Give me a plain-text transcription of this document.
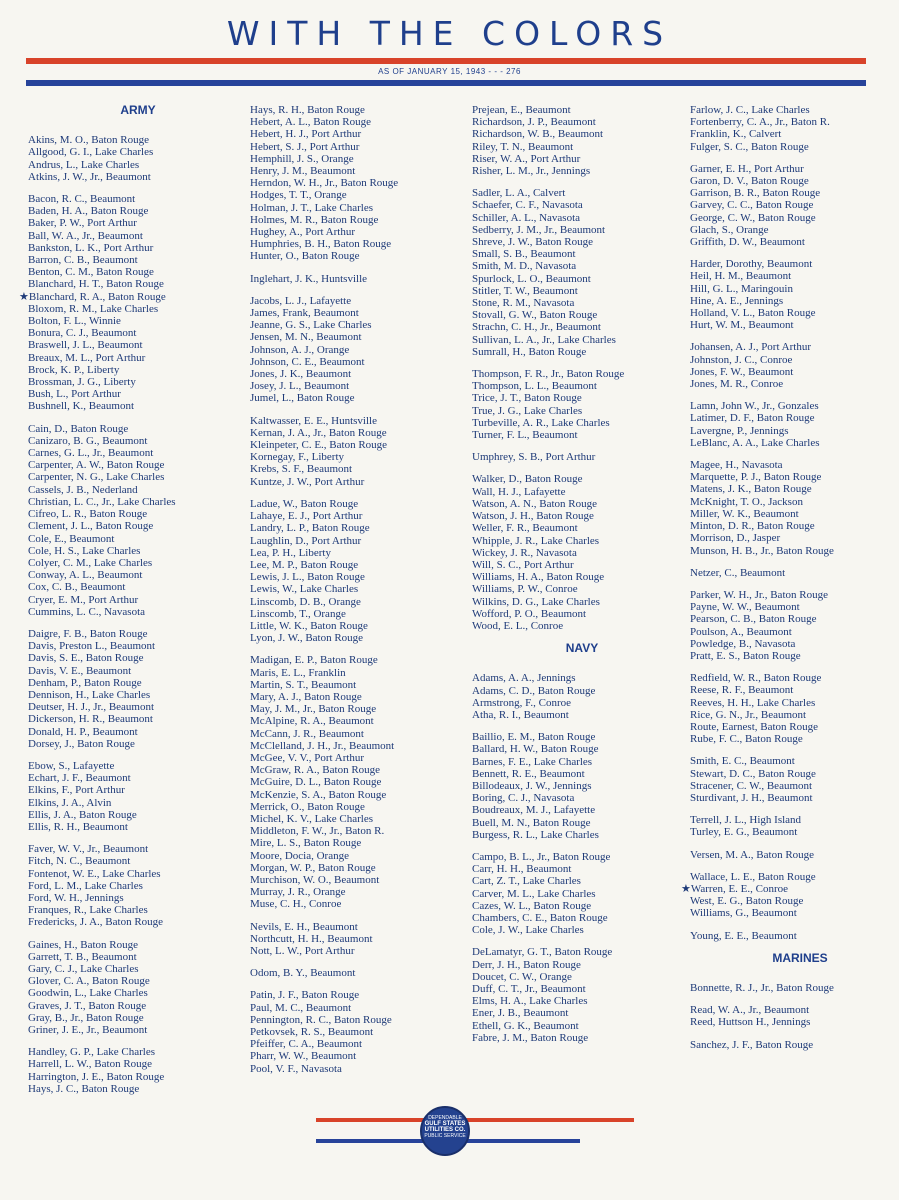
WITH THE COLORS
AS OF JANUARY 15, 1943 - - - 276
ARMY
Akins, M. O., Baton Rouge
Allgood, G. I., Lake Charles
Andrus, L., Lake Charles
Atkins, J. W., Jr., Beaumont
Bacon, R. C., Beaumont
Baden, H. A., Baton Rouge
Baker, P. W., Port Arthur
Ball, W. A., Jr., Beaumont
Bankston, L. K., Port Arthur
Barron, C. B., Beaumont
Benton, C. M., Baton Rouge
Blanchard, H. T., Baton Rouge
★Blanchard, R. A., Baton Rouge
Bloxom, R. M., Lake Charles
Bolton, F. L., Winnie
Bonura, C. J., Beaumont
Braswell, J. L., Beaumont
Breaux, M. L., Port Arthur
Brock, K. P., Liberty
Brossman, J. G., Liberty
Bush, L., Port Arthur
Bushnell, K., Beaumont
Cain, D., Baton Rouge
Canizaro, B. G., Beaumont
Carnes, G. L., Jr., Beaumont
Carpenter, A. W., Baton Rouge
Carpenter, N. G., Lake Charles
Cassels, J. B., Nederland
Christian, L. C., Jr., Lake Charles
Cifreo, L. R., Baton Rouge
Clement, J. L., Baton Rouge
Cole, E., Beaumont
Cole, H. S., Lake Charles
Colyer, C. M., Lake Charles
Conway, A. L., Beaumont
Cox, C. B., Beaumont
Cryer, E. M., Port Arthur
Cummins, L. C., Navasota
Daigre, F. B., Baton Rouge
Davis, Preston L., Beaumont
Davis, S. E., Baton Rouge
Davis, V. E., Beaumont
Denham, P., Baton Rouge
Dennison, H., Lake Charles
Deutser, H. J., Jr., Beaumont
Dickerson, H. R., Beaumont
Donald, H. P., Beaumont
Dorsey, J., Baton Rouge
Ebow, S., Lafayette
Echart, J. F., Beaumont
Elkins, F., Port Arthur
Elkins, J. A., Alvin
Ellis, J. A., Baton Rouge
Ellis, R. H., Beaumont
Faver, W. V., Jr., Beaumont
Fitch, N. C., Beaumont
Fontenot, W. E., Lake Charles
Ford, L. M., Lake Charles
Ford, W. H., Jennings
Franques, R., Lake Charles
Fredericks, J. A., Baton Rouge
Gaines, H., Baton Rouge
Garrett, T. B., Beaumont
Gary, C. J., Lake Charles
Glover, C. A., Baton Rouge
Goodwin, L., Lake Charles
Graves, J. T., Baton Rouge
Gray, B., Jr., Baton Rouge
Griner, J. E., Jr., Beaumont
Handley, G. P., Lake Charles
Harrell, L. W., Baton Rouge
Harrington, J. E., Baton Rouge
Hays, J. C., Baton Rouge
Hays, R. H., Baton Rouge
Hebert, A. L., Baton Rouge
Hebert, H. J., Port Arthur
Hebert, S. J., Port Arthur
Hemphill, J. S., Orange
Henry, J. M., Beaumont
Herndon, W. H., Jr., Baton Rouge
Hodges, T. T., Orange
Holman, J. T., Lake Charles
Holmes, M. R., Baton Rouge
Hughey, A., Port Arthur
Humphries, B. H., Baton Rouge
Hunter, O., Baton Rouge
Inglehart, J. K., Huntsville
Jacobs, L. J., Lafayette
James, Frank, Beaumont
Jeanne, G. S., Lake Charles
Jensen, M. N., Beaumont
Johnson, A. J., Orange
Johnson, C. E., Beaumont
Jones, J. K., Beaumont
Josey, J. L., Beaumont
Jumel, L., Baton Rouge
Kaltwasser, E. E., Huntsville
Kernan, J. A., Jr., Baton Rouge
Kleinpeter, C. E., Baton Rouge
Kornegay, F., Liberty
Krebs, S. F., Beaumont
Kuntze, J. W., Port Arthur
Ladue, W., Baton Rouge
Lahaye, E. J., Port Arthur
Landry, L. P., Baton Rouge
Laughlin, D., Port Arthur
Lea, P. H., Liberty
Lee, M. P., Baton Rouge
Lewis, J. L., Baton Rouge
Lewis, W., Lake Charles
Linscomb, D. B., Orange
Linscomb, T., Orange
Little, W. K., Baton Rouge
Lyon, J. W., Baton Rouge
Madigan, E. P., Baton Rouge
Maris, E. L., Franklin
Martin, S. T., Beaumont
Mary, A. J., Baton Rouge
May, J. M., Jr., Baton Rouge
McAlpine, R. A., Beaumont
McCann, J. R., Beaumont
McClelland, J. H., Jr., Beaumont
McGee, V. V., Port Arthur
McGraw, R. A., Baton Rouge
McGuire, D. L., Baton Rouge
McKenzie, S. A., Baton Rouge
Merrick, O., Baton Rouge
Michel, K. V., Lake Charles
Middleton, F. W., Jr., Baton R.
Mire, L. S., Baton Rouge
Moore, Docia, Orange
Morgan, W. P., Baton Rouge
Murchison, W. O., Beaumont
Murray, J. R., Orange
Muse, C. H., Conroe
Nevils, E. H., Beaumont
Northcutt, H. H., Beaumont
Nott, L. W., Port Arthur
Odom, B. Y., Beaumont
Patin, J. F., Baton Rouge
Paul, M. C., Beaumont
Pennington, R. C., Baton Rouge
Petkovsek, R. S., Beaumont
Pfeiffer, C. A., Beaumont
Pharr, W. W., Beaumont
Pool, V. F., Navasota
Prejean, E., Beaumont
Richardson, J. P., Beaumont
Richardson, W. B., Beaumont
Riley, T. N., Beaumont
Riser, W. A., Port Arthur
Risher, L. M., Jr., Jennings
Sadler, L. A., Calvert
Schaefer, C. F., Navasota
Schiller, A. L., Navasota
Sedberry, J. M., Jr., Beaumont
Shreve, J. W., Baton Rouge
Small, S. B., Beaumont
Smith, M. D., Navasota
Spurlock, L. O., Beaumont
Stitler, T. W., Beaumont
Stone, R. M., Navasota
Stovall, G. W., Baton Rouge
Strachn, C. H., Jr., Beaumont
Sullivan, L. A., Jr., Lake Charles
Sumrall, H., Baton Rouge
Thompson, F. R., Jr., Baton Rouge
Thompson, L. L., Beaumont
Trice, J. T., Baton Rouge
True, J. G., Lake Charles
Turbeville, A. R., Lake Charles
Turner, F. L., Beaumont
Umphrey, S. B., Port Arthur
Walker, D., Baton Rouge
Wall, H. J., Lafayette
Watson, A. N., Baton Rouge
Watson, J. H., Baton Rouge
Weller, F. R., Beaumont
Whipple, J. R., Lake Charles
Wickey, J. R., Navasota
Will, S. C., Port Arthur
Williams, H. A., Baton Rouge
Williams, P. W., Conroe
Wilkins, D. G., Lake Charles
Wofford, P. O., Beaumont
Wood, E. L., Conroe
NAVY
Adams, A. A., Jennings
Adams, C. D., Baton Rouge
Armstrong, F., Conroe
Atha, R. I., Beaumont
Baillio, E. M., Baton Rouge
Ballard, H. W., Baton Rouge
Barnes, F. E., Lake Charles
Bennett, R. E., Beaumont
Billodeaux, J. W., Jennings
Boring, C. J., Navasota
Boudreaux, M. J., Lafayette
Buell, M. N., Baton Rouge
Burgess, R. L., Lake Charles
Campo, B. L., Jr., Baton Rouge
Carr, H. H., Beaumont
Cart, Z. T., Lake Charles
Carver, M. L., Lake Charles
Cazes, W. L., Baton Rouge
Chambers, C. E., Baton Rouge
Cole, J. W., Lake Charles
DeLamatyr, G. T., Baton Rouge
Derr, J. H., Baton Rouge
Doucet, C. W., Orange
Duff, C. T., Jr., Beaumont
Elms, H. A., Lake Charles
Ener, J. B., Beaumont
Ethell, G. K., Beaumont
Fabre, J. M., Baton Rouge
Farlow, J. C., Lake Charles
Fortenberry, C. A., Jr., Baton R.
Franklin, K., Calvert
Fulger, S. C., Baton Rouge
Garner, E. H., Port Arthur
Garon, D. V., Baton Rouge
Garrison, B. R., Baton Rouge
Garvey, C. C., Baton Rouge
George, C. W., Baton Rouge
Glach, S., Orange
Griffith, D. W., Beaumont
Harder, Dorothy, Beaumont
Heil, H. M., Beaumont
Hill, G. L., Maringouin
Hine, A. E., Jennings
Holland, V. L., Baton Rouge
Hurt, W. M., Beaumont
Johansen, A. J., Port Arthur
Johnston, J. C., Conroe
Jones, F. W., Beaumont
Jones, M. R., Conroe
Lamn, John W., Jr., Gonzales
Latimer, D. F., Baton Rouge
Lavergne, P., Jennings
LeBlanc, A. A., Lake Charles
Magee, H., Navasota
Marquette, P. J., Baton Rouge
Matens, J. K., Baton Rouge
McKnight, T. O., Jackson
Miller, W. K., Beaumont
Minton, D. R., Baton Rouge
Morrison, D., Jasper
Munson, H. B., Jr., Baton Rouge
Netzer, C., Beaumont
Parker, W. H., Jr., Baton Rouge
Payne, W. W., Beaumont
Pearson, C. B., Baton Rouge
Poulson, A., Beaumont
Powledge, B., Navasota
Pratt, E. S., Baton Rouge
Redfield, W. R., Baton Rouge
Reese, R. F., Beaumont
Reeves, H. H., Lake Charles
Rice, G. N., Jr., Beaumont
Route, Earnest, Baton Rouge
Rube, F. C., Baton Rouge
Smith, E. C., Beaumont
Stewart, D. C., Baton Rouge
Stracener, C. W., Beaumont
Sturdivant, J. H., Beaumont
Terrell, J. L., High Island
Turley, E. G., Beaumont
Versen, M. A., Baton Rouge
Wallace, L. E., Baton Rouge
★Warren, E. E., Conroe
West, E. G., Baton Rouge
Williams, G., Beaumont
Young, E. E., Beaumont
MARINES
Bonnette, R. J., Jr., Baton Rouge
Read, W. A., Jr., Beaumont
Reed, Huttson H., Jennings
Sanchez, J. F., Baton Rouge
DEPENDABLE
GULF STATES UTILITIES CO.
PUBLIC SERVICE
